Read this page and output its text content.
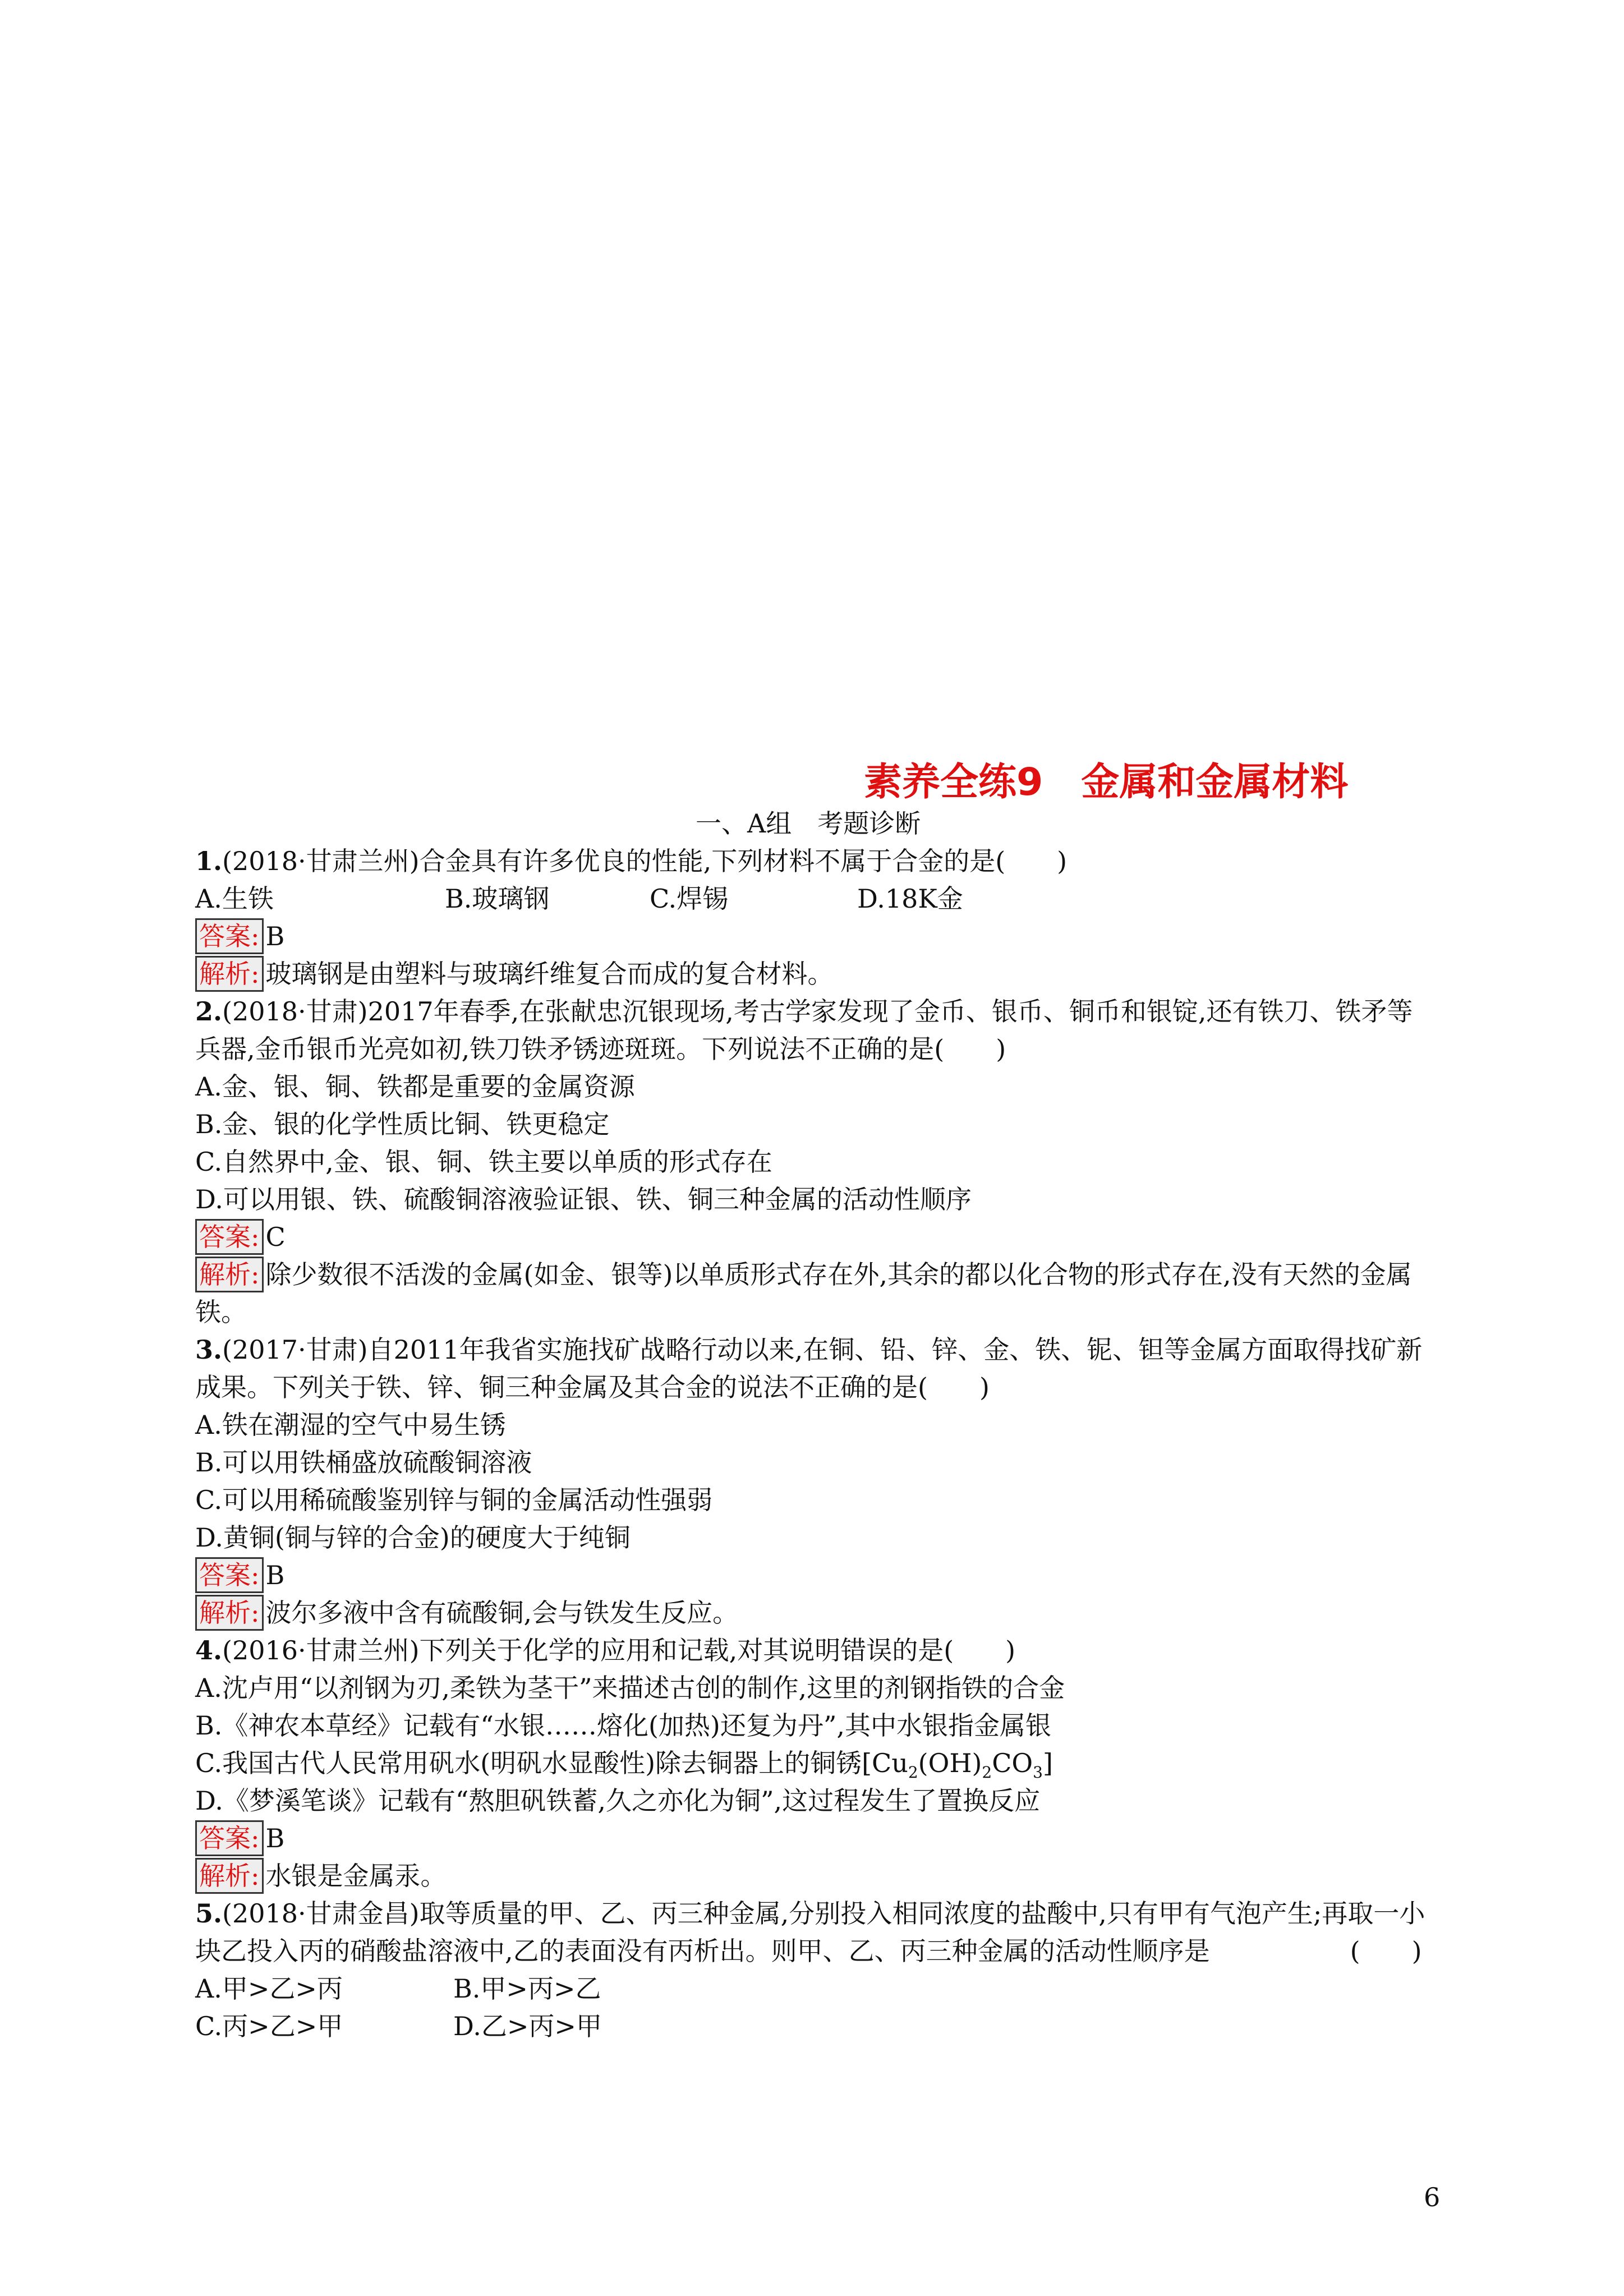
素养全练9 金属和金属材料
一、A组　考题诊断
1.(2018·甘肃兰州)合金具有许多优良的性能,下列材料不属于合金的是(　　)
A.生铁	B.玻璃钢	C.焊锡	D.18K金
答案: B
解析: 玻璃钢是由塑料与玻璃纤维复合而成的复合材料。
2.(2018·甘肃)2017年春季,在张献忠沉银现场,考古学家发现了金币、银币、铜币和银锭,还有铁刀、铁矛等兵器,金币银币光亮如初,铁刀铁矛锈迹斑斑。下列说法不正确的是(　　)
A.金、银、铜、铁都是重要的金属资源
B.金、银的化学性质比铜、铁更稳定
C.自然界中,金、银、铜、铁主要以单质的形式存在
D.可以用银、铁、硫酸铜溶液验证银、铁、铜三种金属的活动性顺序
答案: C
解析: 除少数很不活泼的金属(如金、银等)以单质形式存在外,其余的都以化合物的形式存在,没有天然的金属铁。
3.(2017·甘肃)自2011年我省实施找矿战略行动以来,在铜、铅、锌、金、铁、铌、钽等金属方面取得找矿新成果。下列关于铁、锌、铜三种金属及其合金的说法不正确的是(　　)
A.铁在潮湿的空气中易生锈
B.可以用铁桶盛放硫酸铜溶液
C.可以用稀硫酸鉴别锌与铜的金属活动性强弱
D.黄铜(铜与锌的合金)的硬度大于纯铜
答案: B
解析: 波尔多液中含有硫酸铜,会与铁发生反应。
4.(2016·甘肃兰州)下列关于化学的应用和记载,对其说明错误的是(　　)
A.沈卢用“以剂钢为刃,柔铁为茎干”来描述古创的制作,这里的剂钢指铁的合金
B.《神农本草经》记载有“水银……熔化(加热)还复为丹”,其中水银指金属银
C.我国古代人民常用矾水(明矾水显酸性)除去铜器上的铜锈$[Cu_2(OH)_2CO_3]$
D.《梦溪笔谈》记载有“熬胆矾铁蓄,久之亦化为铜”,这过程发生了置换反应
答案: B
解析: 水银是金属汞。
5.(2018·甘肃金昌)取等质量的甲、乙、丙三种金属,分别投入相同浓度的盐酸中,只有甲有气泡产生;再取一小块乙投入丙的硝酸盐溶液中,乙的表面没有丙析出。则甲、乙、丙三种金属的活动性顺序是	(　　)
A.甲>乙>丙	B.甲>丙>乙
C.丙>乙>甲	D.乙>丙>甲
6
